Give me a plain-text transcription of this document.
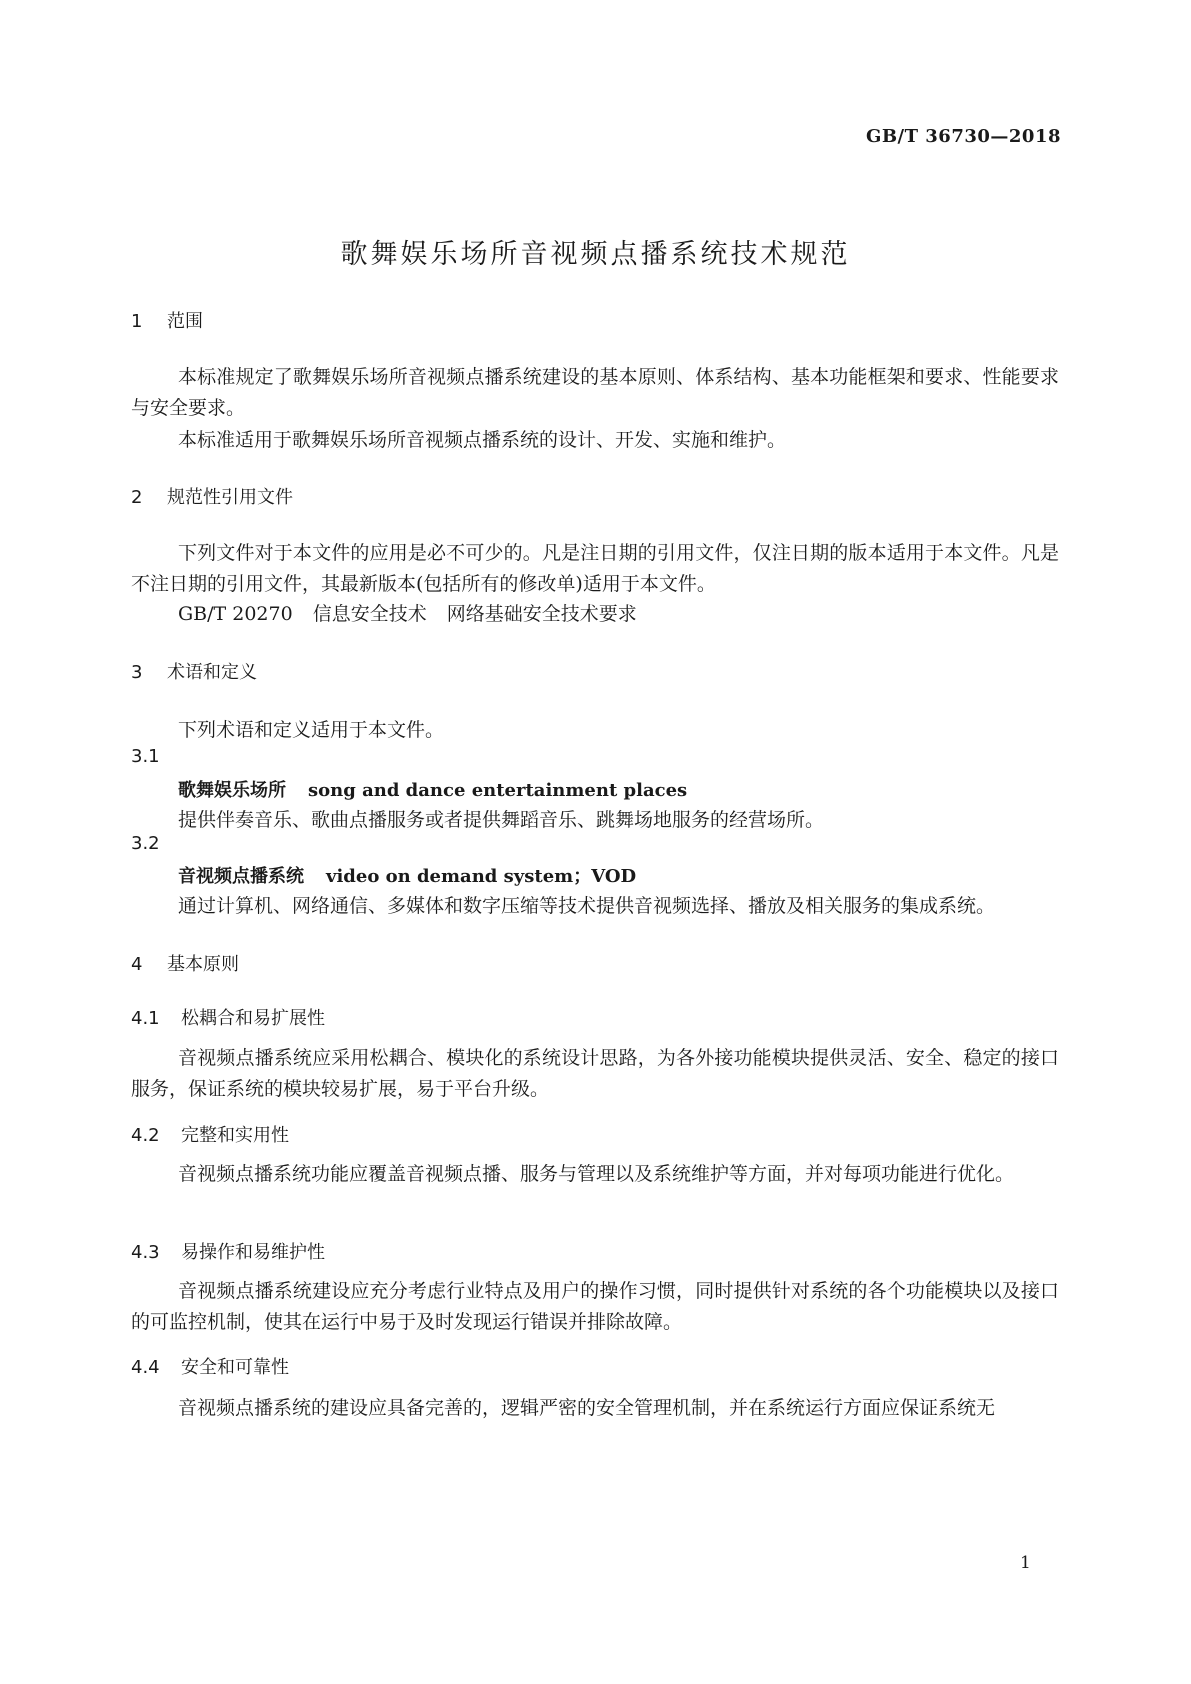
GB/T 36730—2018
歌舞娱乐场所音视频点播系统技术规范
1 范围
本标准规定了歌舞娱乐场所音视频点播系统建设的基本原则、体系结构、基本功能框架和要求、性能要求与安全要求。
本标准适用于歌舞娱乐场所音视频点播系统的设计、开发、实施和维护。
2 规范性引用文件
下列文件对于本文件的应用是必不可少的。凡是注日期的引用文件，仅注日期的版本适用于本文件。凡是不注日期的引用文件，其最新版本(包括所有的修改单)适用于本文件。
GB/T 20270 信息安全技术 网络基础安全技术要求
3 术语和定义
下列术语和定义适用于本文件。
3.1
歌舞娱乐场所 song and dance entertainment places
提供伴奏音乐、歌曲点播服务或者提供舞蹈音乐、跳舞场地服务的经营场所。
3.2
音视频点播系统 video on demand system；VOD
通过计算机、网络通信、多媒体和数字压缩等技术提供音视频选择、播放及相关服务的集成系统。
4 基本原则
4.1 松耦合和易扩展性
音视频点播系统应采用松耦合、模块化的系统设计思路，为各外接功能模块提供灵活、安全、稳定的接口服务，保证系统的模块较易扩展，易于平台升级。
4.2 完整和实用性
音视频点播系统功能应覆盖音视频点播、服务与管理以及系统维护等方面，并对每项功能进行优化。
4.3 易操作和易维护性
音视频点播系统建设应充分考虑行业特点及用户的操作习惯，同时提供针对系统的各个功能模块以及接口的可监控机制，使其在运行中易于及时发现运行错误并排除故障。
4.4 安全和可靠性
音视频点播系统的建设应具备完善的，逻辑严密的安全管理机制，并在系统运行方面应保证系统无
1
